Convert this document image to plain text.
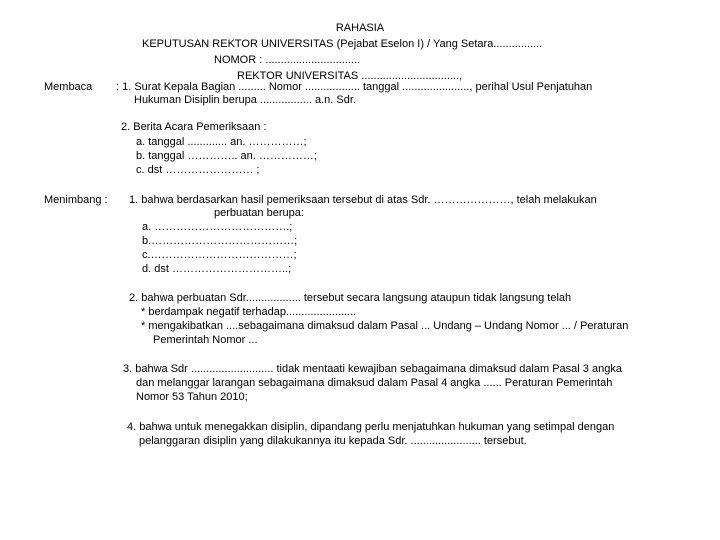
RAHASIA
KEPUTUSAN REKTOR UNIVERSITAS (Pejabat Eselon I) / Yang Setara................
NOMOR : ...............................
REKTOR UNIVERSITAS ................................,
Membaca : 1. Surat Kepala Bagian ......... Nomor .................. tanggal ......................, perihal Usul Penjatuhan
Hukuman Disiplin berupa ................. a.n. Sdr.
2. Berita Acara Pemeriksaan :
a. tanggal ............. an. ……………;
b. tanggal ………….. an. ……………;
c. dst …………………… ;
Menimbang : 1. bahwa berdasarkan hasil pemeriksaan tersebut di atas Sdr. …………………, telah melakukan
perbuatan berupa:
a. ……………………………….;
b.…………………………………;
c.…………………………………;
d. dst …………………………..;
2. bahwa perbuatan Sdr.................. tersebut secara langsung ataupun tidak langsung telah
* berdampak negatif terhadap.......................
* mengakibatkan ....sebagaimana dimaksud dalam Pasal ... Undang – Undang Nomor ... / Peraturan
Pemerintah Nomor ...
3. bahwa Sdr ........................... tidak mentaati kewajiban sebagaimana dimaksud dalam Pasal 3 angka
dan melanggar larangan sebagaimana dimaksud dalam Pasal 4 angka ...... Peraturan Pemerintah
Nomor 53 Tahun 2010;
4. bahwa untuk menegakkan disiplin, dipandang perlu menjatuhkan hukuman yang setimpal dengan
pelanggaran disiplin yang dilakukannya itu kepada Sdr. ....................... tersebut.
